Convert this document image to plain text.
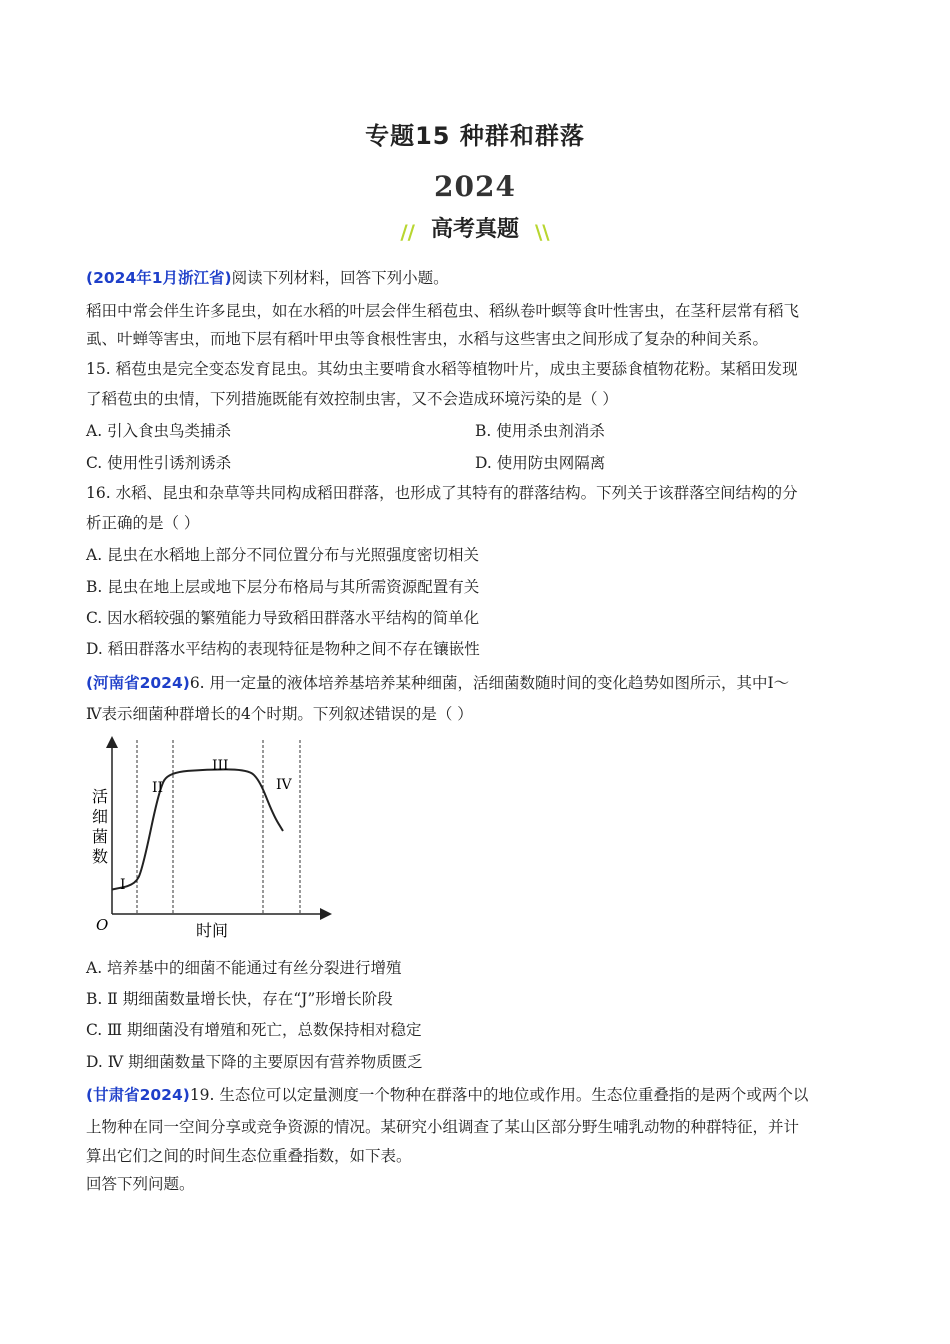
专题15 种群和群落
2024
// 高考真题 \\
(2024年1月浙江省)阅读下列材料，回答下列小题。
稻田中常会伴生许多昆虫，如在水稻的叶层会伴生稻苞虫、稻纵卷叶螟等食叶性害虫，在茎秆层常有稻飞
虱、叶蝉等害虫，而地下层有稻叶甲虫等食根性害虫，水稻与这些害虫之间形成了复杂的种间关系。
15. 稻苞虫是完全变态发育昆虫。其幼虫主要啃食水稻等植物叶片，成虫主要舔食植物花粉。某稻田发现
了稻苞虫的虫情，下列措施既能有效控制虫害，又不会造成环境污染的是（ ）
A. 引入食虫鸟类捕杀	B. 使用杀虫剂消杀
C. 使用性引诱剂诱杀	D. 使用防虫网隔离
16. 水稻、昆虫和杂草等共同构成稻田群落，也形成了其特有的群落结构。下列关于该群落空间结构的分
析正确的是（ ）
A. 昆虫在水稻地上部分不同位置分布与光照强度密切相关
B. 昆虫在地上层或地下层分布格局与其所需资源配置有关
C. 因水稻较强的繁殖能力导致稻田群落水平结构的简单化
D. 稻田群落水平结构的表现特征是物种之间不存在镶嵌性
(河南省2024)6. 用一定量的液体培养基培养某种细菌，活细菌数随时间的变化趋势如图所示，其中Ⅰ～
Ⅳ表示细菌种群增长的4个时期。下列叙述错误的是（ ）
活 细 菌 数
时间
O
I
II
III
IV
A. 培养基中的细菌不能通过有丝分裂进行增殖
B. Ⅱ 期细菌数量增长快，存在“J”形增长阶段
C. Ⅲ 期细菌没有增殖和死亡，总数保持相对稳定
D. Ⅳ 期细菌数量下降的主要原因有营养物质匮乏
(甘肃省2024)19. 生态位可以定量测度一个物种在群落中的地位或作用。生态位重叠指的是两个或两个以
上物种在同一空间分享或竞争资源的情况。某研究小组调查了某山区部分野生哺乳动物的种群特征，并计
算出它们之间的时间生态位重叠指数，如下表。
回答下列问题。
